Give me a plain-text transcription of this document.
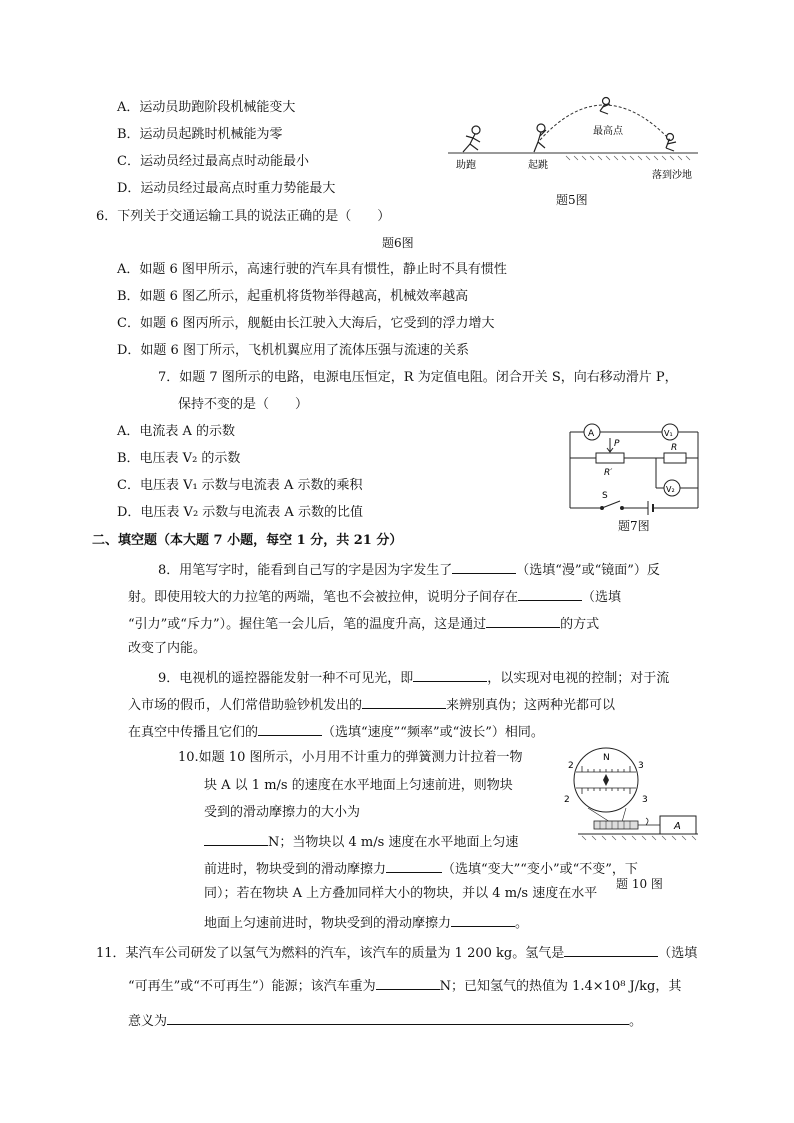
A．运动员助跑阶段机械能变大
B．运动员起跳时机械能为零
C．运动员经过最高点时动能最小
D．运动员经过最高点时重力势能最大
助跑	起跳
最高点
落到沙地
题5图
6．下列关于交通运输工具的说法正确的是（　　）
题6图
A．如题 6 图甲所示，高速行驶的汽车具有惯性，静止时不具有惯性
B．如题 6 图乙所示，起重机将货物举得越高，机械效率越高
C．如题 6 图丙所示，舰艇由长江驶入大海后，它受到的浮力增大
D．如题 6 图丁所示，飞机机翼应用了流体压强与流速的关系
7．如题 7 图所示的电路，电源电压恒定，R 为定值电阻。闭合开关 S，向右移动滑片 P，
保持不变的是（　　）
A．电流表 A 的示数
B．电压表 V₂ 的示数
C．电压表 V₁ 示数与电流表 A 示数的乘积
D．电压表 V₂ 示数与电流表 A 示数的比值
A	V₁
V₂
P
R′
R
S
题7图
二、填空题（本大题 7 小题，每空 1 分，共 21 分）
8．用笔写字时，能看到自己写的字是因为字发生了	（选填“漫”或“镜面”）反
射。即使用较大的力拉笔的两端，笔也不会被拉伸，说明分子间存在	（选填
“引力”或“斥力”）。握住笔一会儿后，笔的温度升高，这是通过	的方式
改变了内能。
9．电视机的遥控器能发射一种不可见光，即	，以实现对电视的控制；对于流
入市场的假币，人们常借助验钞机发出的	来辨别真伪；这两种光都可以
在真空中传播且它们的	（选填“速度”“频率”或“波长”）相同。
10.如题 10 图所示，小月用不计重力的弹簧测力计拉着一物
块 A 以 1 m/s 的速度在水平地面上匀速前进，则物块
受到的滑动摩擦力的大小为
N；当物块以 4 m/s 速度在水平地面上匀速
前进时，物块受到的滑动摩擦力	（选填“变大”“变小”或“不变”，下
同）；若在物块 A 上方叠加同样大小的物块，并以 4 m/s 速度在水平
地面上匀速前进时，物块受到的滑动摩擦力	。
2
2
3
3
N
A
题 10 图
11．某汽车公司研发了以氢气为燃料的汽车，该汽车的质量为 1 200 kg。氢气是	（选填
“可再生”或“不可再生”）能源；该汽车重为	N；已知氢气的热值为 1.4×10⁸ J/kg，其
意义为	。
